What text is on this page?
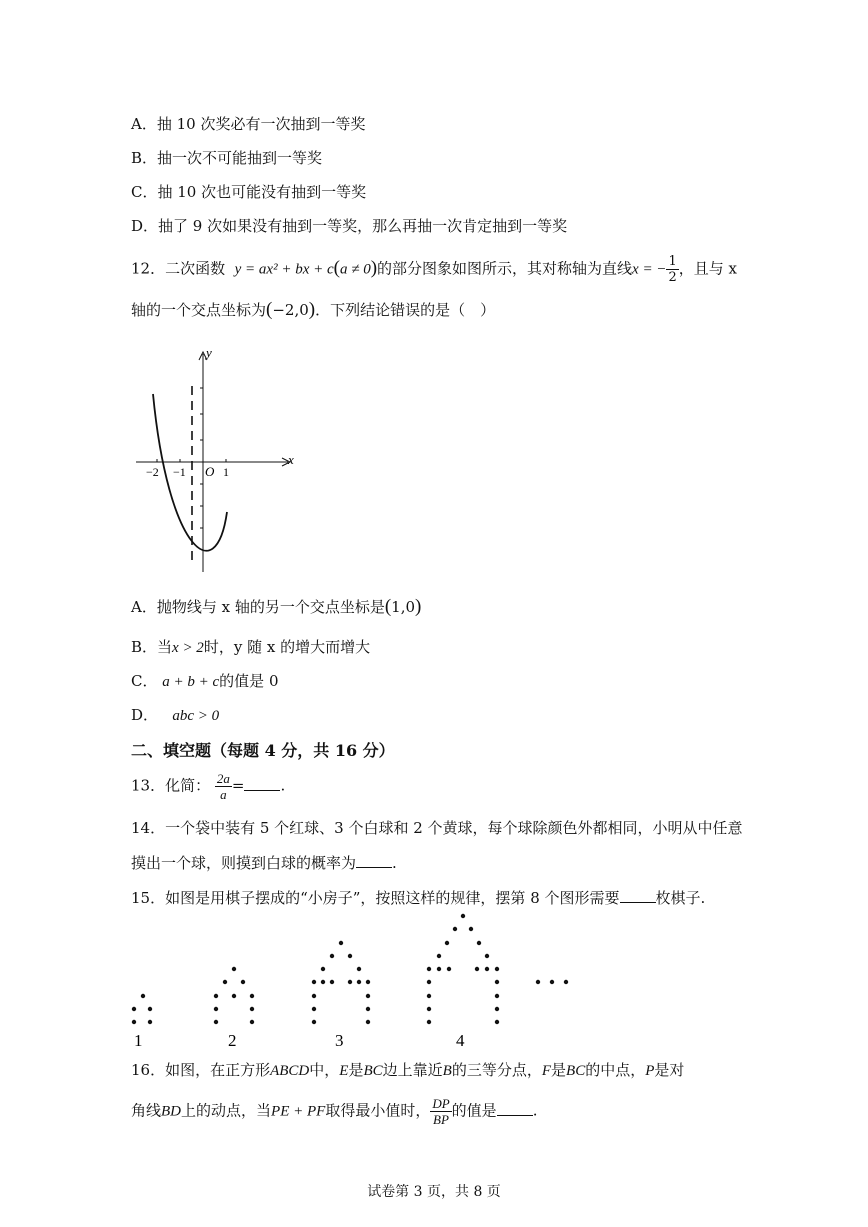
A．抽 10 次奖必有一次抽到一等奖
B．抽一次不可能抽到一等奖
C．抽 10 次也可能没有抽到一等奖
D．抽了 9 次如果没有抽到一等奖，那么再抽一次肯定抽到一等奖
12．二次函数 y = ax² + bx + c(a ≠ 0)的部分图象如图所示，其对称轴为直线x = − $\frac{1}{2}$ ，且与 x
轴的一个交点坐标为(−2,0)．下列结论错误的是（　）
x
y
−2 −1	1
O
A．抛物线与 x 轴的另一个交点坐标是(1,0)
B．当x > 2时，y 随 x 的增大而增大
C． a + b + c的值是 0
D． abc > 0
二、填空题（每题 4 分，共 16 分）
13．化简： $\frac{2a}{a}$ = .
14．一个袋中装有 5 个红球、3 个白球和 2 个黄球，每个球除颜色外都相同，小明从中任意
摸出一个球，则摸到白球的概率为 .
15．如图是用棋子摆成的“小房子”，按照这样的规律，摆第 8 个图形需要 枚棋子.
1	2	3	4
16．如图，在正方形ABCD中，E是BC边上靠近B的三等分点，F是BC的中点，P是对
角线BD上的动点，当PE + PF取得最小值时， $\frac{DP}{BP}$ 的值是 .
试卷第 3 页，共 8 页
